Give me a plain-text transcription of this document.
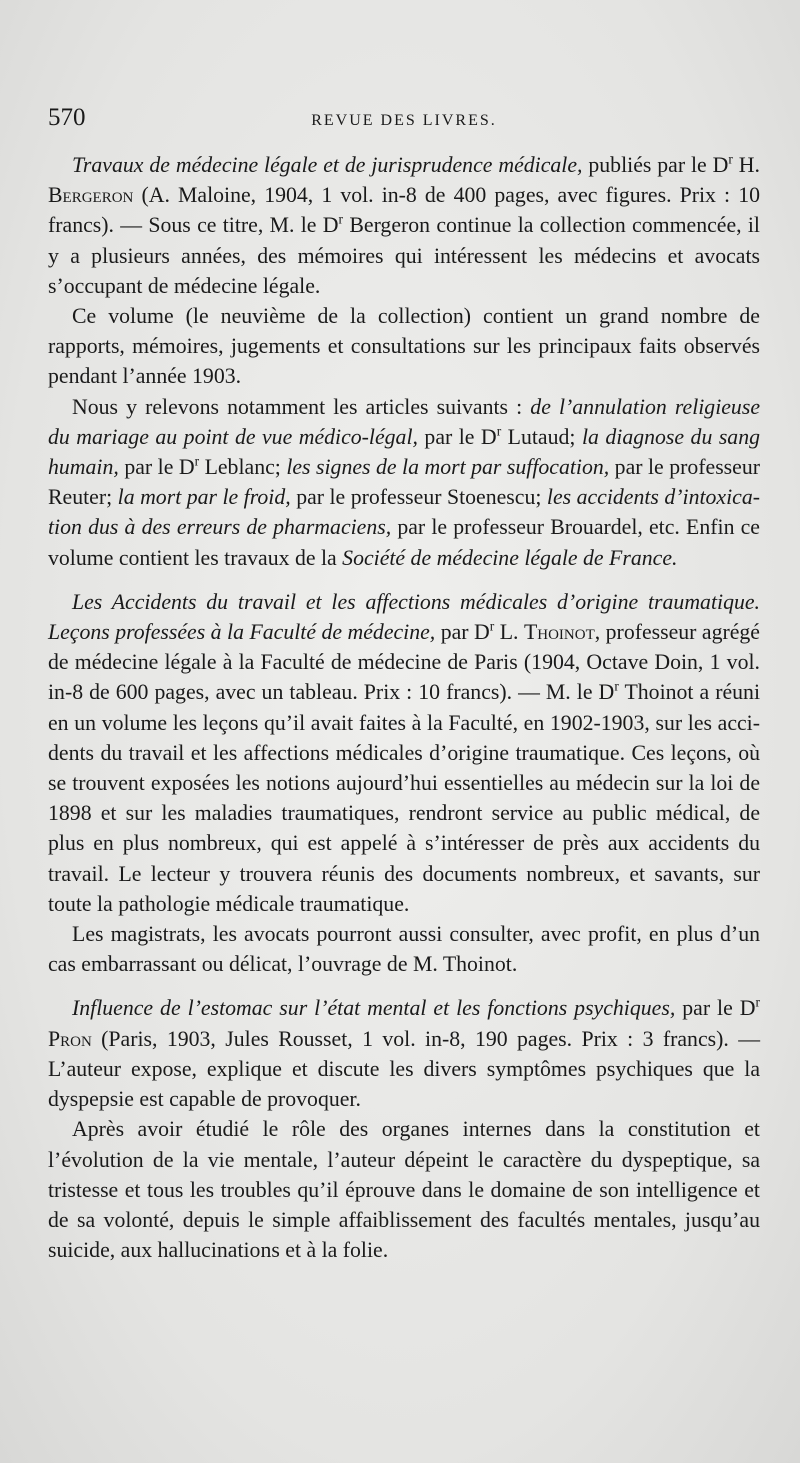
570	REVUE DES LIVRES.

Travaux de médecine légale et de jurisprudence médicale, publiés par le $D^r$ H. Bergeron (A. Maloine, 1904, 1 vol. in-8 de 400 pages, avec figures. Prix : 10 francs). — Sous ce titre, M. le $D^r$ Bergeron continue la collection commencée, il y a plusieurs années, des mémoires qui intéressent les médecins et avocats s’occupant de médecine légale.

Ce volume (le neuvième de la collection) contient un grand nombre de rapports, mémoires, jugements et consultations sur les principaux faits observés pendant l’année 1903.

Nous y relevons notamment les articles suivants : de l’annulation religieuse du mariage au point de vue médico-légal, par le $D^r$ Lutaud; la diagnose du sang humain, par le $D^r$ Leblanc; les signes de la mort par suffocation, par le professeur Reuter; la mort par le froid, par le professeur Stoenescu; les accidents d’intoxication dus à des erreurs de pharmaciens, par le professeur Brouardel, etc. Enfin ce volume contient les travaux de la Société de médecine légale de France.

Les Accidents du travail et les affections médicales d’origine traumatique. Leçons professées à la Faculté de médecine, par $D^r$ L. Thoinot, professeur agrégé de médecine légale à la Faculté de médecine de Paris (1904, Octave Doin, 1 vol. in-8 de 600 pages, avec un tableau. Prix : 10 francs). — M. le $D^r$ Thoinot a réuni en un volume les leçons qu’il avait faites à la Faculté, en 1902-1903, sur les accidents du travail et les affections médicales d’origine traumatique. Ces leçons, où se trouvent exposées les notions aujourd’hui essentielles au médecin sur la loi de 1898 et sur les maladies traumatiques, rendront service au public médical, de plus en plus nombreux, qui est appelé à s’intéresser de près aux accidents du travail. Le lecteur y trouvera réunis des documents nombreux, et savants, sur toute la pathologie médicale traumatique.

Les magistrats, les avocats pourront aussi consulter, avec profit, en plus d’un cas embarrassant ou délicat, l’ouvrage de M. Thoinot.

Influence de l’estomac sur l’état mental et les fonctions psychiques, par le $D^r$ Pron (Paris, 1903, Jules Rousset, 1 vol. in-8, 190 pages. Prix : 3 francs). — L’auteur expose, explique et discute les divers symptômes psychiques que la dyspepsie est capable de provoquer.

Après avoir étudié le rôle des organes internes dans la constitution et l’évolution de la vie mentale, l’auteur dépeint le caractère du dyspeptique, sa tristesse et tous les troubles qu’il éprouve dans le domaine de son intelligence et de sa volonté, depuis le simple affaiblissement des facultés mentales, jusqu’au suicide, aux hallucinations et à la folie.
